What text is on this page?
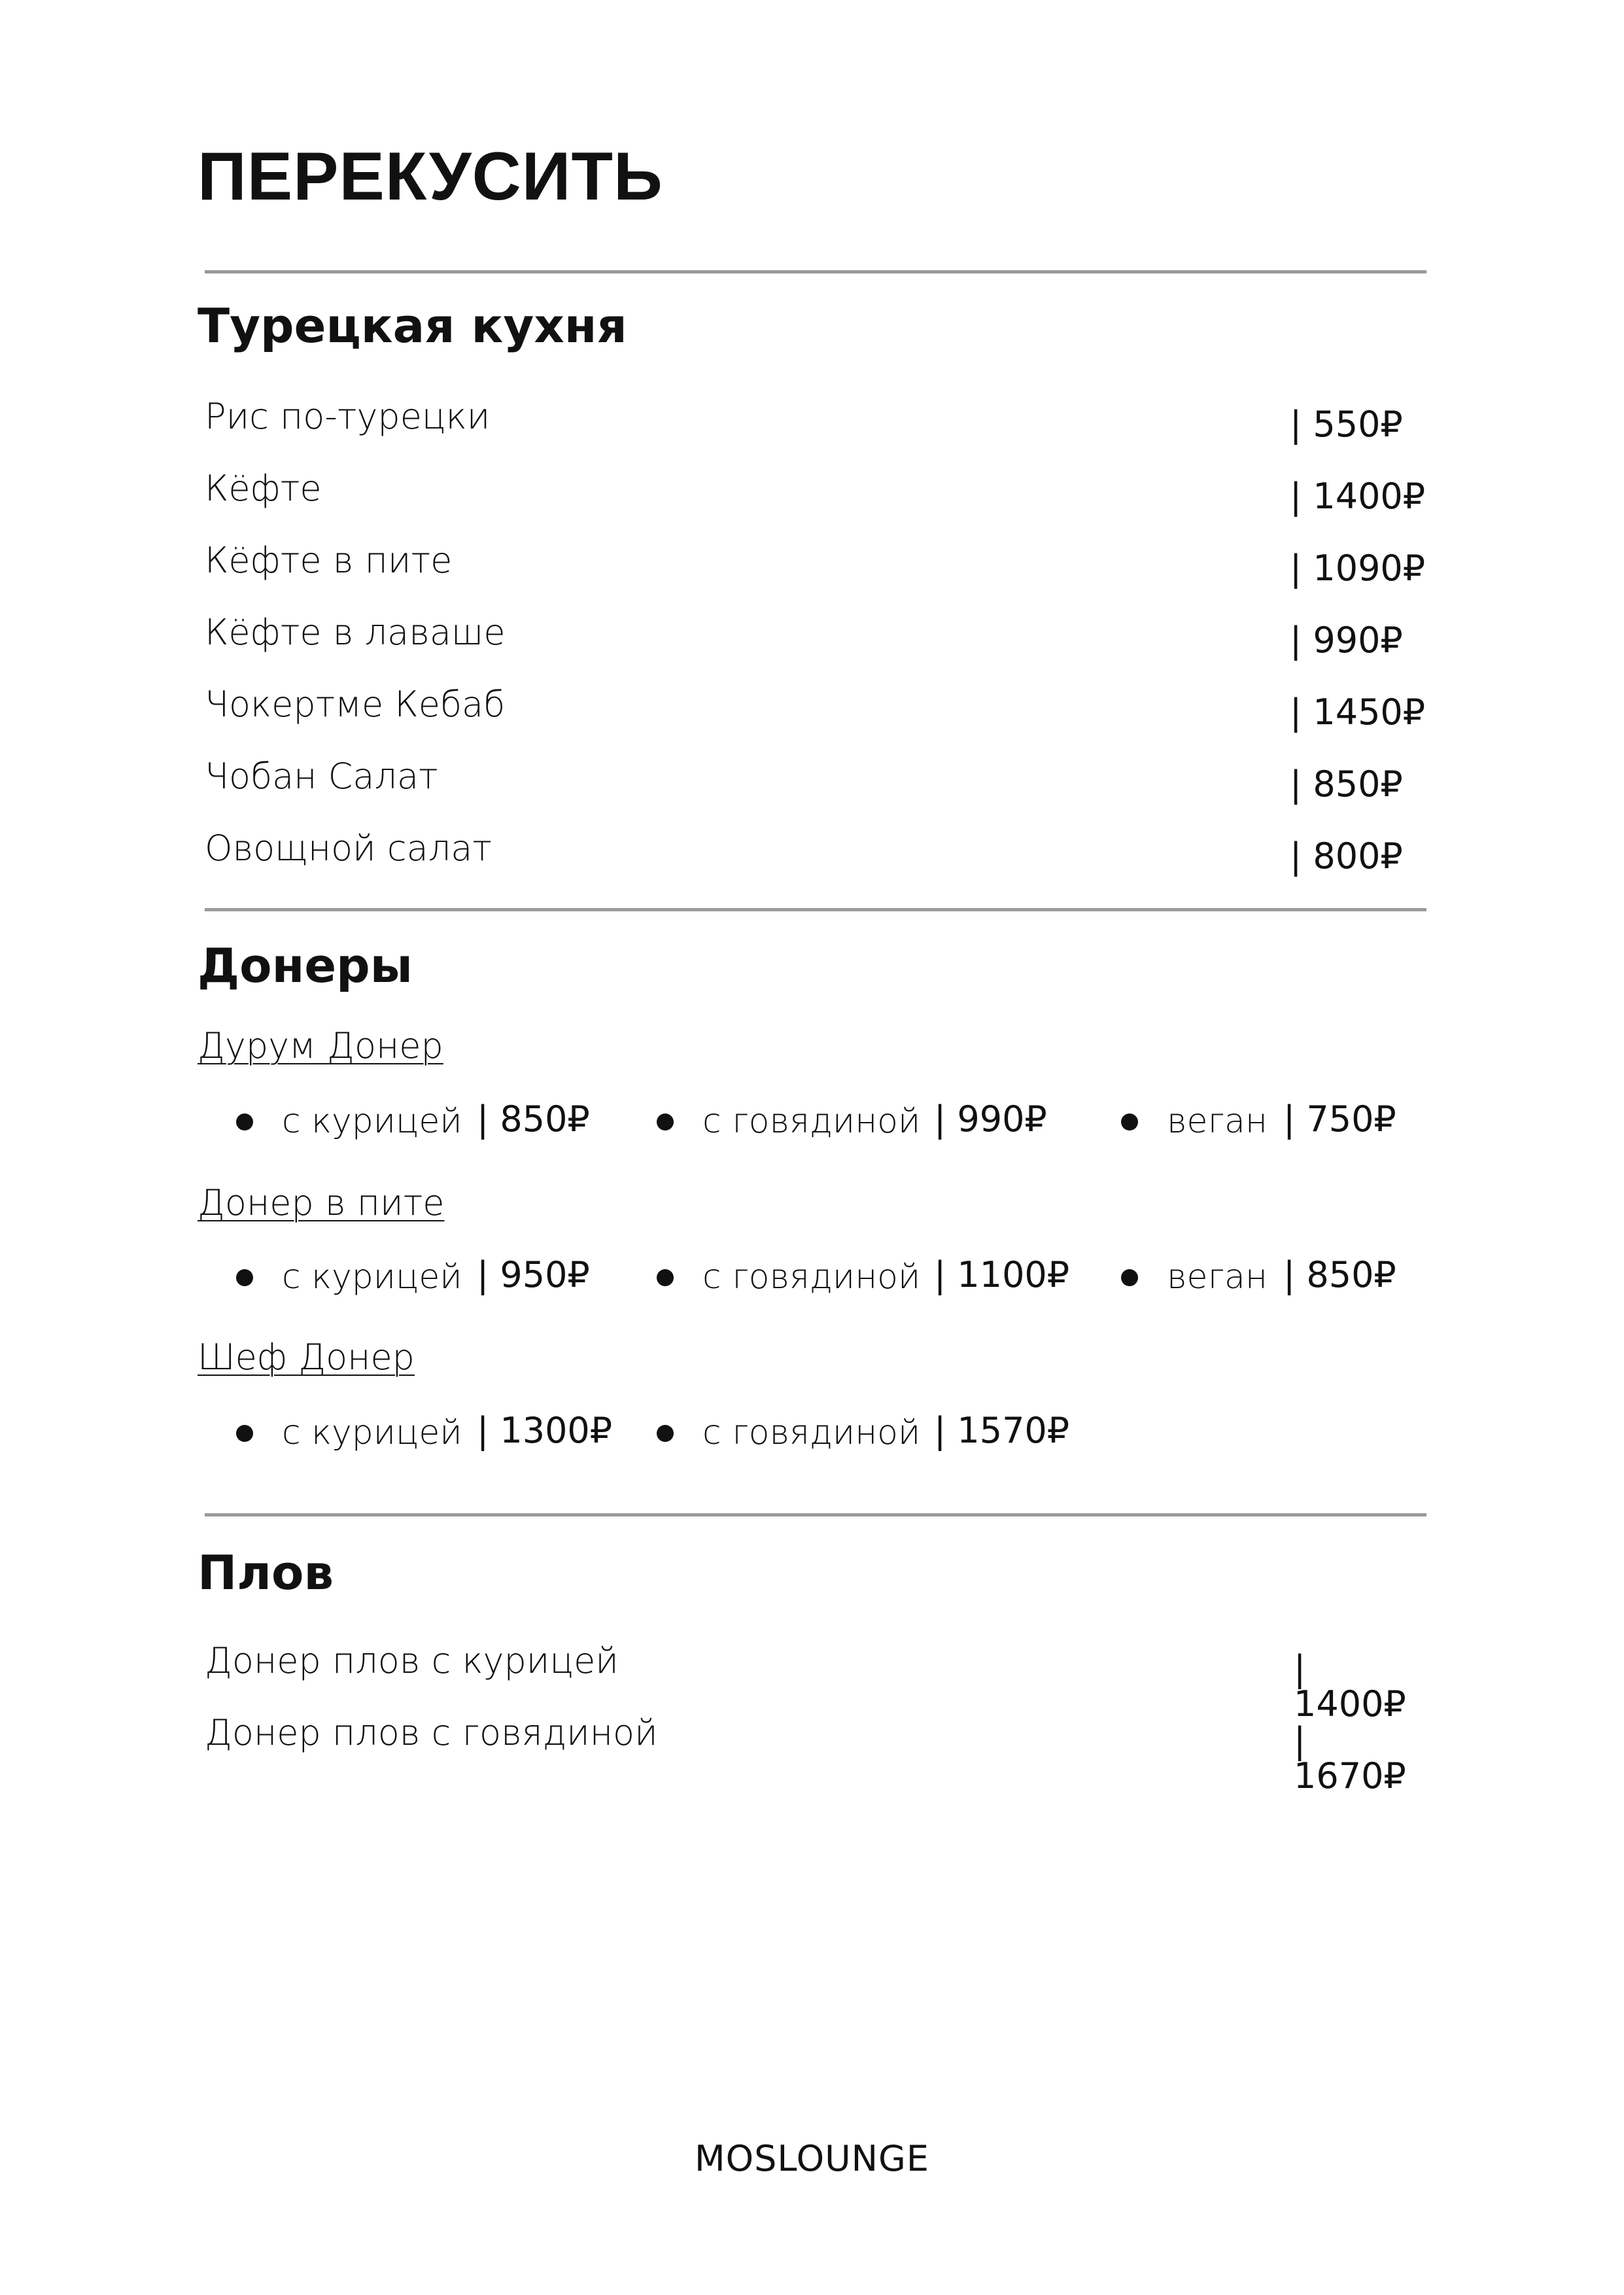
ПЕРЕКУСИТЬ
Турецкая кухня
Рис по-турецки	| 550₽
Кёфте	| 1400₽
Кёфте в пите	| 1090₽
Кёфте в лаваше	| 990₽
Чокертме Кебаб	| 1450₽
Чобан Салат	| 850₽
Овощной салат	| 800₽
Донеры
Дурум Донер
с курицей | 850₽	с говядиной | 990₽	веган | 750₽
Донер в пите
с курицей | 950₽	с говядиной | 1100₽	веган | 850₽
Шеф Донер
с курицей | 1300₽	с говядиной | 1570₽
Плов
Донер плов с курицей	| 1400₽
Донер плов с говядиной	| 1670₽
MOSLOUNGE
